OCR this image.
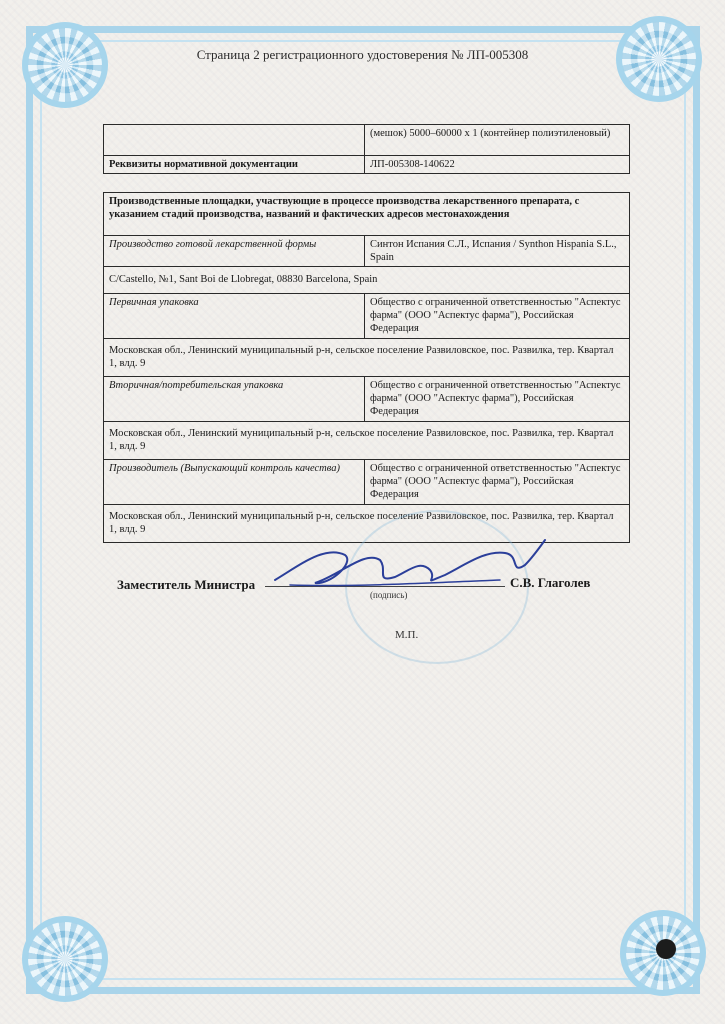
Страница 2 регистрационного удостоверения № ЛП-005308
	(мешок) 5000–60000 x 1 (контейнер полиэтиленовый)
Реквизиты нормативной документации	ЛП-005308-140622
Производственные площадки, участвующие в процессе производства лекарственного препарата, с указанием стадий производства, названий и фактических адресов местонахождения	
Производство готовой лекарственной формы	Синтон Испания С.Л., Испания / Synthon Hispania S.L., Spain
C/Castello, №1, Sant Boi de Llobregat, 08830 Barcelona, Spain	
Первичная упаковка	Общество с ограниченной ответственностью "Аспектус фарма" (ООО "Аспектус фарма"), Российская Федерация
Московская обл., Ленинский муниципальный р-н, сельское поселение Развиловское, пос. Развилка, тер. Квартал 1, влд. 9	
Вторичная/потребительская упаковка	Общество с ограниченной ответственностью "Аспектус фарма" (ООО "Аспектус фарма"), Российская Федерация
Московская обл., Ленинский муниципальный р-н, сельское поселение Развиловское, пос. Развилка, тер. Квартал 1, влд. 9	
Производитель (Выпускающий контроль качества)	Общество с ограниченной ответственностью "Аспектус фарма" (ООО "Аспектус фарма"), Российская Федерация
Московская обл., Ленинский муниципальный р-н, сельское поселение Развиловское, пос. Развилка, тер. Квартал 1, влд. 9	
Заместитель Министра	С.В. Глаголев
(подпись)
М.П.
